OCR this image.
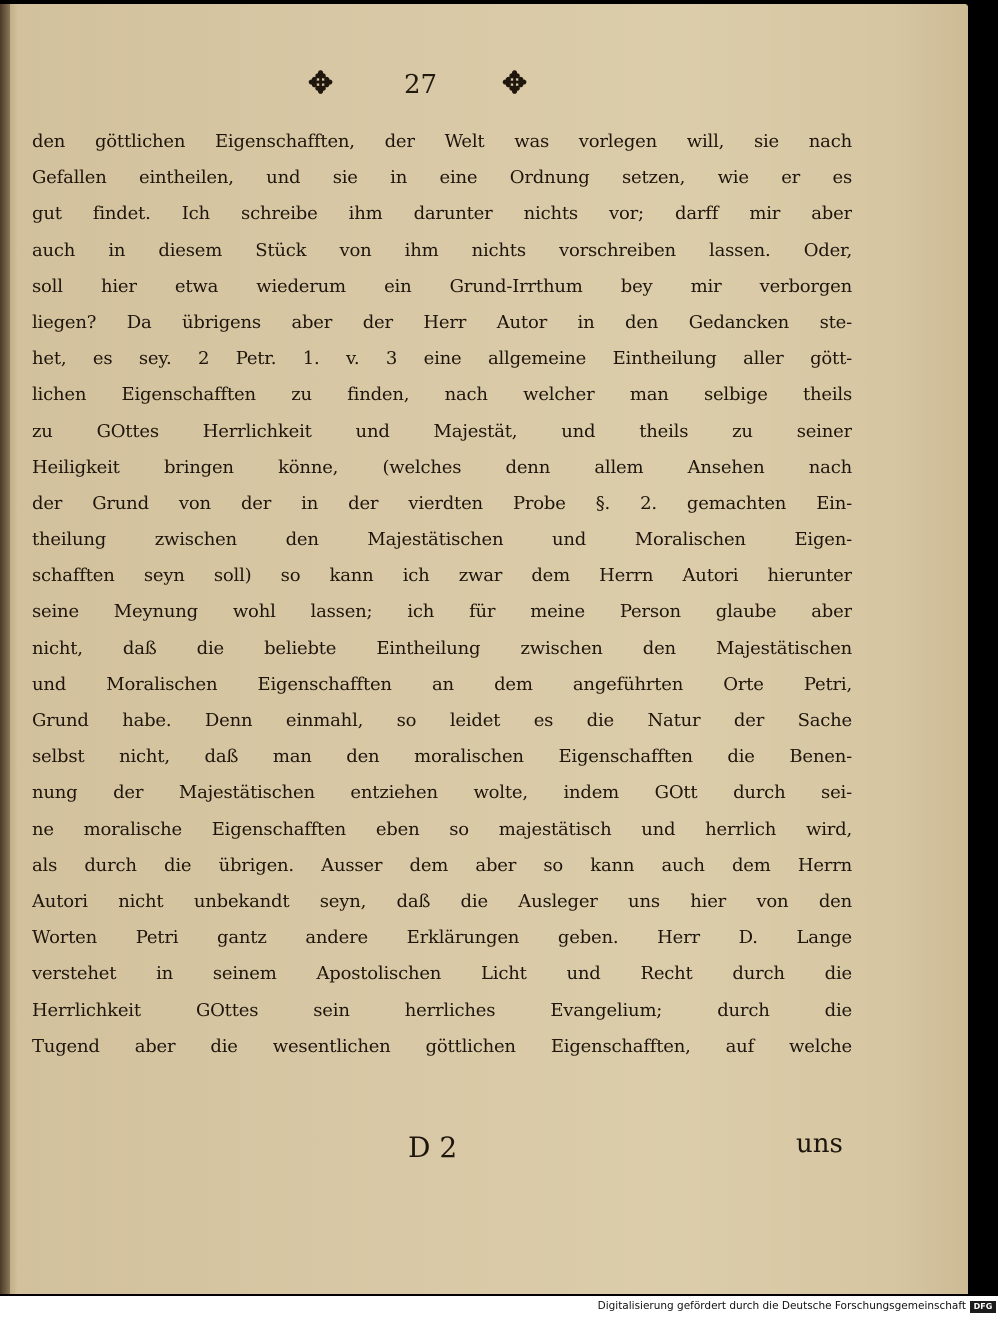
✥	27 ✥
den göttlichen Eigenschafften, der Welt was vorlegen will, sie nach
Gefallen eintheilen, und sie in eine Ordnung setzen, wie er es
gut findet. Ich schreibe ihm darunter nichts vor; darff mir aber
auch in diesem Stück von ihm nichts vorschreiben lassen. Oder,
soll hier etwa wiederum ein Grund-Irrthum bey mir verborgen
liegen? Da übrigens aber der Herr Autor in den Gedancken ste-
het, es sey. 2 Petr. 1. v. 3 eine allgemeine Eintheilung aller gött-
lichen Eigenschafften zu finden, nach welcher man selbige theils
zu GOttes Herrlichkeit und Majestät, und theils zu seiner
Heiligkeit bringen könne, (welches denn allem Ansehen nach
der Grund von der in der vierdten Probe §. 2. gemachten Ein-
theilung zwischen den Majestätischen und Moralischen Eigen-
schafften seyn soll) so kann ich zwar dem Herrn Autori hierunter
seine Meynung wohl lassen; ich für meine Person glaube aber
nicht, daß die beliebte Eintheilung zwischen den Majestätischen
und Moralischen Eigenschafften an dem angeführten Orte Petri,
Grund habe. Denn einmahl, so leidet es die Natur der Sache
selbst nicht, daß man den moralischen Eigenschafften die Benen-
nung der Majestätischen entziehen wolte, indem GOtt durch sei-
ne moralische Eigenschafften eben so majestätisch und herrlich wird,
als durch die übrigen. Ausser dem aber so kann auch dem Herrn
Autori nicht unbekandt seyn, daß die Ausleger uns hier von den
Worten Petri gantz andere Erklärungen geben. Herr D. Lange
verstehet in seinem Apostolischen Licht und Recht durch die
Herrlichkeit GOttes sein herrliches Evangelium; durch die
Tugend aber die wesentlichen göttlichen Eigenschafften, auf welche
D 2	uns
Digitalisierung gefördert durch die Deutsche Forschungsgemeinschaft DFG
